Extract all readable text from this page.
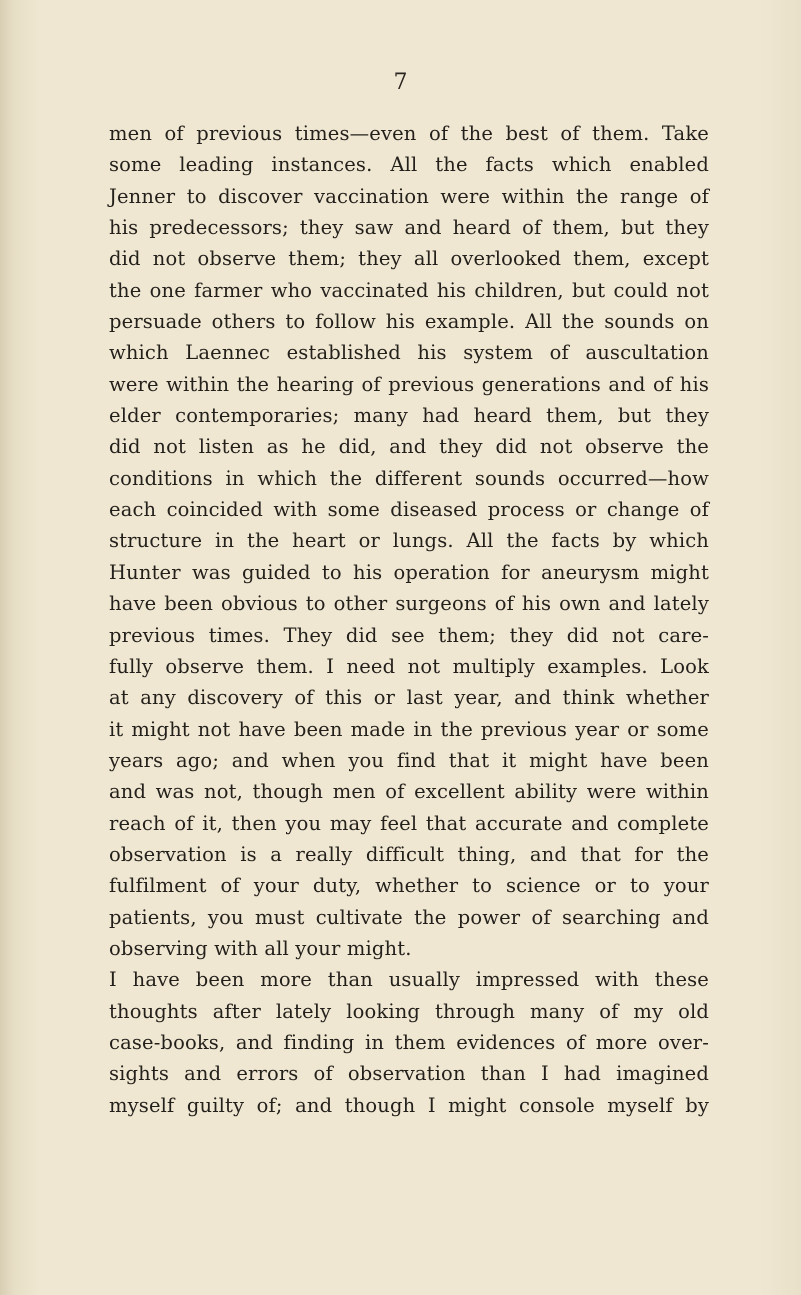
7
men of previous times—even of the best of them. Take
some leading instances. All the facts which enabled
Jenner to discover vaccination were within the range of
his predecessors; they saw and heard of them, but they
did not observe them; they all overlooked them, except
the one farmer who vaccinated his children, but could not
persuade others to follow his example. All the sounds on
which Laennec established his system of auscultation
were within the hearing of previous generations and of his
elder contemporaries; many had heard them, but they
did not listen as he did, and they did not observe the
conditions in which the different sounds occurred—how
each coincided with some diseased process or change of
structure in the heart or lungs. All the facts by which
Hunter was guided to his operation for aneurysm might
have been obvious to other surgeons of his own and lately
previous times. They did see them; they did not care-
fully observe them. I need not multiply examples. Look
at any discovery of this or last year, and think whether
it might not have been made in the previous year or some
years ago; and when you find that it might have been
and was not, though men of excellent ability were within
reach of it, then you may feel that accurate and complete
observation is a really difficult thing, and that for the
fulfilment of your duty, whether to science or to your
patients, you must cultivate the power of searching and
observing with all your might.
I have been more than usually impressed with these
thoughts after lately looking through many of my old
case-books, and finding in them evidences of more over-
sights and errors of observation than I had imagined
myself guilty of; and though I might console myself by
